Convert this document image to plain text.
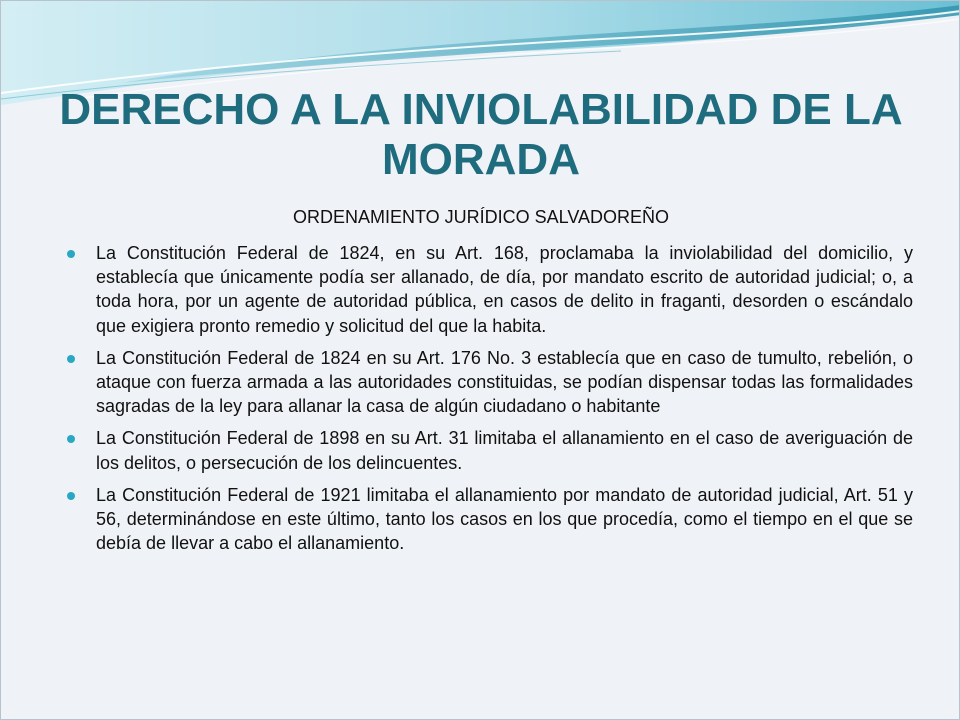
DERECHO A LA INVIOLABILIDAD DE LA MORADA
ORDENAMIENTO JURÍDICO SALVADOREÑO
La Constitución Federal de 1824, en su Art. 168, proclamaba la inviolabilidad del domicilio, y establecía que únicamente podía ser allanado, de día, por mandato escrito de autoridad judicial; o, a toda hora, por un agente de autoridad pública, en casos de delito in fraganti, desorden o escándalo que exigiera pronto remedio y solicitud del que la habita.
La Constitución Federal de 1824 en su Art. 176 No. 3 establecía que en caso de tumulto, rebelión, o ataque con fuerza armada a las autoridades constituidas, se podían dispensar todas las formalidades sagradas de la ley para allanar la casa de algún ciudadano o habitante
La Constitución Federal de 1898 en su Art. 31 limitaba el allanamiento en el caso de averiguación de los delitos, o persecución de los delincuentes.
La Constitución Federal de 1921 limitaba el allanamiento por mandato de autoridad judicial, Art. 51 y 56, determinándose en este último, tanto los casos en los que procedía, como el tiempo en el que se debía de llevar a cabo el allanamiento.
